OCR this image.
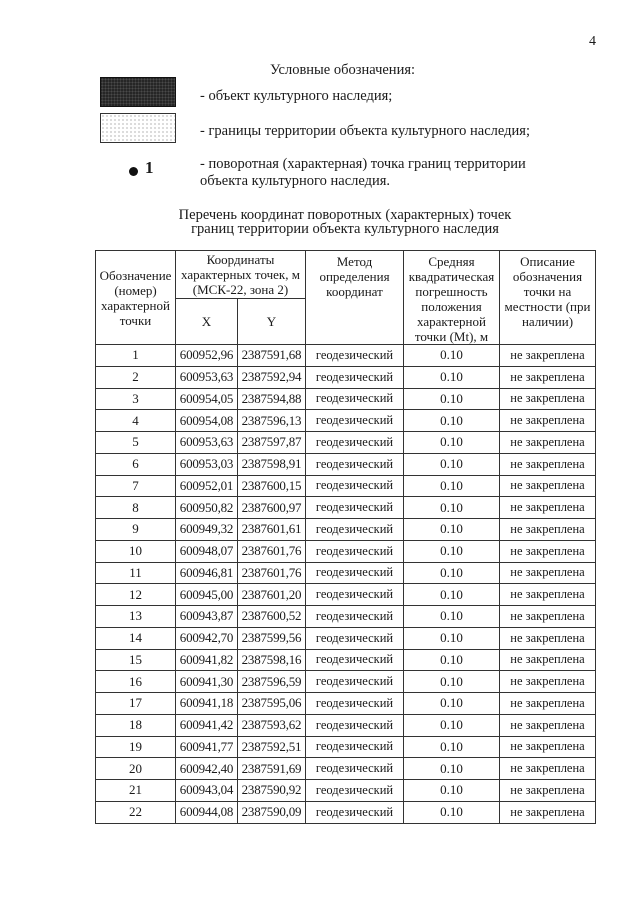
4
Условные обозначения:
- объект культурного наследия;
- границы территории объекта культурного наследия;
1	- поворотная (характерная) точка границ территории объекта культурного наследия.
Перечень координат поворотных (характерных) точек
границ территории объекта культурного наследия
Обозначение (номер) характерной точки	Координаты характерных точек, м (МСК-22, зона 2)		Метод определения координат	Средняя квадратическая погрешность положения характерной точки (Mt), м	Описание обозначения точки на местности (при наличии)
	X	Y			
1	600952,96	2387591,68	геодезический	0.10	не закреплена
2	600953,63	2387592,94	геодезический	0.10	не закреплена
3	600954,05	2387594,88	геодезический	0.10	не закреплена
4	600954,08	2387596,13	геодезический	0.10	не закреплена
5	600953,63	2387597,87	геодезический	0.10	не закреплена
6	600953,03	2387598,91	геодезический	0.10	не закреплена
7	600952,01	2387600,15	геодезический	0.10	не закреплена
8	600950,82	2387600,97	геодезический	0.10	не закреплена
9	600949,32	2387601,61	геодезический	0.10	не закреплена
10	600948,07	2387601,76	геодезический	0.10	не закреплена
11	600946,81	2387601,76	геодезический	0.10	не закреплена
12	600945,00	2387601,20	геодезический	0.10	не закреплена
13	600943,87	2387600,52	геодезический	0.10	не закреплена
14	600942,70	2387599,56	геодезический	0.10	не закреплена
15	600941,82	2387598,16	геодезический	0.10	не закреплена
16	600941,30	2387596,59	геодезический	0.10	не закреплена
17	600941,18	2387595,06	геодезический	0.10	не закреплена
18	600941,42	2387593,62	геодезический	0.10	не закреплена
19	600941,77	2387592,51	геодезический	0.10	не закреплена
20	600942,40	2387591,69	геодезический	0.10	не закреплена
21	600943,04	2387590,92	геодезический	0.10	не закреплена
22	600944,08	2387590,09	геодезический	0.10	не закреплена
